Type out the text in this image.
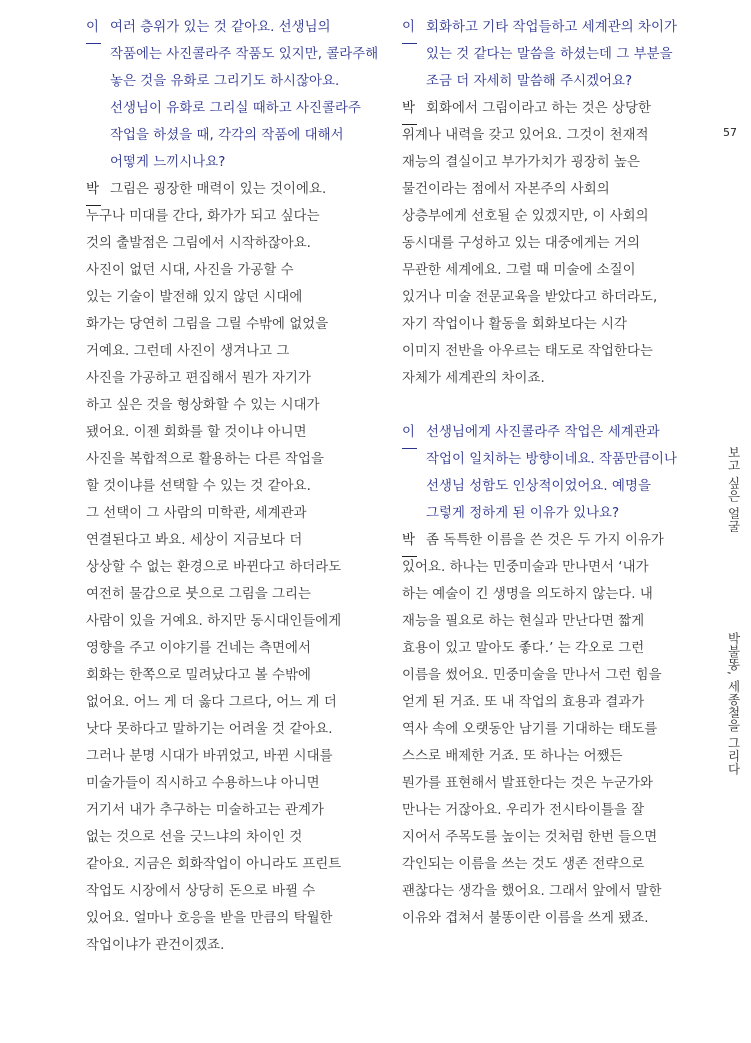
이 여러 층위가 있는 것 같아요. 선생님의
작품에는 사진콜라주 작품도 있지만, 콜라주해
놓은 것을 유화로 그리기도 하시잖아요.
선생님이 유화로 그리실 때하고 사진콜라주
작업을 하셨을 때, 각각의 작품에 대해서
어떻게 느끼시나요?
박 그림은 굉장한 매력이 있는 것이에요.
누구나 미대를 간다, 화가가 되고 싶다는
것의 출발점은 그림에서 시작하잖아요.
사진이 없던 시대, 사진을 가공할 수
있는 기술이 발전해 있지 않던 시대에
화가는 당연히 그림을 그릴 수밖에 없었을
거예요. 그런데 사진이 생겨나고 그
사진을 가공하고 편집해서 뭔가 자기가
하고 싶은 것을 형상화할 수 있는 시대가
됐어요. 이젠 회화를 할 것이냐 아니면
사진을 복합적으로 활용하는 다른 작업을
할 것이냐를 선택할 수 있는 것 같아요.
그 선택이 그 사람의 미학관, 세계관과
연결된다고 봐요. 세상이 지금보다 더
상상할 수 없는 환경으로 바뀐다고 하더라도
여전히 물감으로 붓으로 그림을 그리는
사람이 있을 거예요. 하지만 동시대인들에게
영향을 주고 이야기를 건네는 측면에서
회화는 한쪽으로 밀려났다고 볼 수밖에
없어요. 어느 게 더 옳다 그르다, 어느 게 더
낫다 못하다고 말하기는 어려울 것 같아요.
그러나 분명 시대가 바뀌었고, 바뀐 시대를
미술가들이 직시하고 수용하느냐 아니면
거기서 내가 추구하는 미술하고는 관계가
없는 것으로 선을 긋느냐의 차이인 것
같아요. 지금은 회화작업이 아니라도 프린트
작업도 시장에서 상당히 돈으로 바뀔 수
있어요. 얼마나 호응을 받을 만큼의 탁월한
작업이냐가 관건이겠죠.
이 회화하고 기타 작업들하고 세계관의 차이가
있는 것 같다는 말씀을 하셨는데 그 부분을
조금 더 자세히 말씀해 주시겠어요?
박 회화에서 그림이라고 하는 것은 상당한
위계나 내력을 갖고 있어요. 그것이 천재적
재능의 결실이고 부가가치가 굉장히 높은
물건이라는 점에서 자본주의 사회의
상층부에게 선호될 순 있겠지만, 이 사회의
동시대를 구성하고 있는 대중에게는 거의
무관한 세계에요. 그럴 때 미술에 소질이
있거나 미술 전문교육을 받았다고 하더라도,
자기 작업이나 활동을 회화보다는 시각
이미지 전반을 아우르는 태도로 작업한다는
자체가 세계관의 차이죠.
이 선생님에게 사진콜라주 작업은 세계관과
작업이 일치하는 방향이네요. 작품만큼이나
선생님 성함도 인상적이었어요. 예명을
그렇게 정하게 된 이유가 있나요?
박 좀 독특한 이름을 쓴 것은 두 가지 이유가
있어요. 하나는 민중미술과 만나면서 ‘내가
하는 예술이 긴 생명을 의도하지 않는다. 내
재능을 필요로 하는 현실과 만난다면 짧게
효용이 있고 말아도 좋다.’ 는 각오로 그런
이름을 썼어요. 민중미술을 만나서 그런 힘을
얻게 된 거죠. 또 내 작업의 효용과 결과가
역사 속에 오랫동안 남기를 기대하는 태도를
스스로 배제한 거죠. 또 하나는 어쨌든
뭔가를 표현해서 발표한다는 것은 누군가와
만나는 거잖아요. 우리가 전시타이틀을 잘
지어서 주목도를 높이는 것처럼 한번 들으면
각인되는 이름을 쓰는 것도 생존 전략으로
괜찮다는 생각을 했어요. 그래서 앞에서 말한
이유와 겹쳐서 불똥이란 이름을 쓰게 됐죠.
57
보고 싶은 얼굴
박불똥, 세종철을 그리다
